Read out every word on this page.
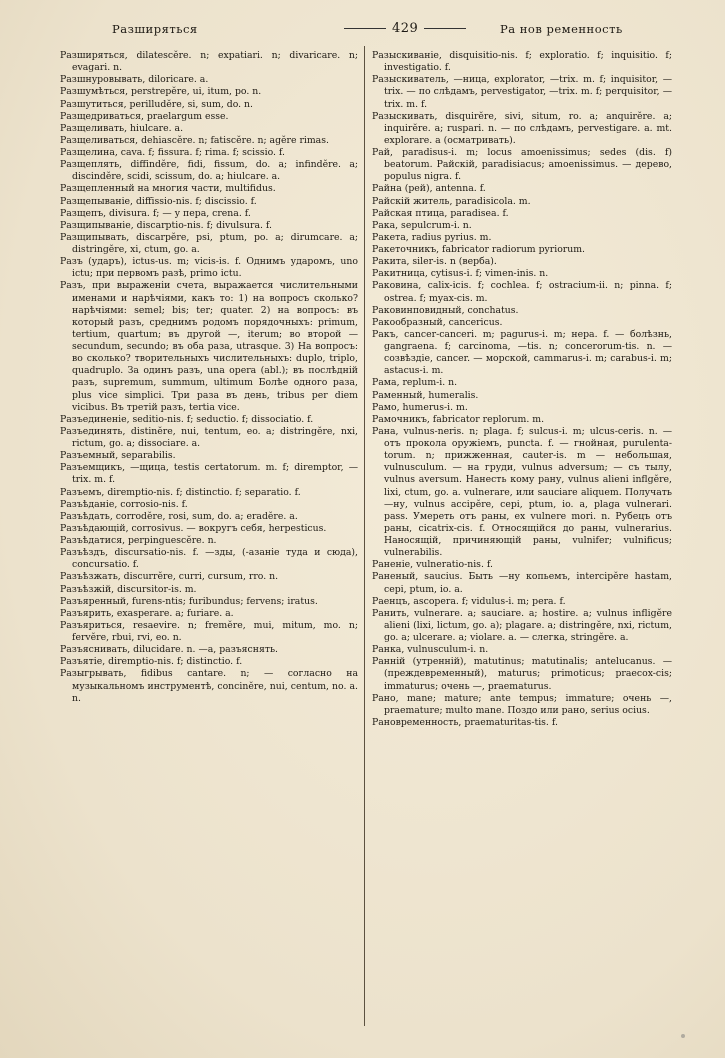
Разширяться	429	Ра нов ременность

Разширяться, dilatescĕre. n; expatiari. n; divaricare. n; evagari. n.

Разшнуровывать, diloricare. a.

Разшумѣться, perstrepĕre, ui, itum, po. n.

Разшутиться, perillu​dĕre, si, sum, do. n.

Разщедриваться, praelargum esse.

Разщеливать, hiulcare. a.

Разщеливаться, dehiascĕre. n; fatiscĕre. n; agĕre rimas.

Разщелина, cava. f; fissura. f; rima. f; scissio. f.

Разщеплять, diffindĕre, fidi, fissum, do. a; infindĕre. a; discindĕre, scidi, scissum, do. a; hiulcare. a.

Разщепленный на многия части, multifidus.

Разщепываніе, diffissio-nis. f; discissio. f.

Разщепъ, divisura. f; — у пера, crena. f.

Разщипываніе, discarptio-nis. f; divulsura. f.

Разщипывать, discarpĕre, psi, ptum, po. a; dirumcare. a; distringĕre, xi, ctum, go. a.

Разъ (ударъ), ictus-us. m; vicis-is. f. Однимъ ударомъ, uno ictu; при первомъ разѣ, primo ictu.

Разъ, при выраженіи счета, выражается числительными именами и нарѣчіями, какъ то: 1) на вопросъ сколько? нарѣчіями: semel; bis; ter; quater. 2) на вопросъ: въ который разъ, среднимъ родомъ порядочныхъ: primum, tertium, quartum; въ другой —, iterum; во второй — secundum, secundo; въ оба раза, utrasque. 3) На вопросъ: во сколько? творительныхъ числительныхъ: duplo, triplo, quadruplo. За одинъ разъ, una opera (abl.); въ послѣдній разъ, supremum, summum, ultimum Болѣе одного раза, plus vice simplici. Три раза въ день, tribus per diem vicibus. Въ третій разъ, tertia vice.

Разъединеніе, seditio-nis. f; seductio. f; dissociatio. f.

Разъединять, distinĕre, nui, tentum, eo. a; distringĕre, nxi, rictum, go. a; dissociare. a.

Разъемный, separabilis.

Разъемщикъ, —щица, testis certatorum. m. f; diremptor, —trix. m. f.

Разъемъ, diremptio-nis. f; distinctio. f; separatio. f.

Разъѣданіе, corrosio-nis. f.

Разъѣдать, corrodĕre, rosi, sum, do. a; eradĕre. a.

Разъѣдающій, corrosivus. — вокругъ себя, herpesticus.

Разъѣдатися, perpinguescĕre. n.

Разъѣздъ, discursatio-nis. f. —зды, (-азаніе туда и сюда), concursatio. f.

Разъѣзжать, discurrĕre, curri, cursum, rro. n.

Разъѣзжій, discursitor-is. m.

Разъяренный, furens-ntis; furibundus; fervens; iratus.

Разъярить, exasperare. a; furiare. a.

Разъяриться, resaevire. n; fremĕre, mui, mitum, mo. n; fervĕre, rbui, rvi, eo. n.

Разъяснивать, dilucidare. n. —a, разъяснять.

Разъятіе, diremptio-nis. f; distinctio. f.

Разыгрывать, fidibus cantare. n; — согласно на музыкальномъ инструментѣ, concinĕre, nui, centum, no. a. n.

Разыскиваніе, disquisitio-nis. f; exploratio. f; inquisitio. f; investigatio. f.

Разыскиватель, —ница, explorator, —trix. m. f; inquisitor, —trix. — по слѣдамъ, pervestigator, —trix. m. f; perquisitor, —trix. m. f.

Разыскивать, disquirĕre, sivi, situm, ro. a; anquirĕre. a; inquirĕre. a; ruspari. n. — по слѣдамъ, pervestigare. a. mt. explorare. a (осматривать).

Рай, paradisus-i. m; locus amoenissimus; sedes (dis. f) beatorum. Райскій, paradisiacus; amoenissimus. — дерево, populus nigra. f.

Райна (рей), antenna. f.

Райскій житель, paradisicola. m.

Райская птица, paradisea. f.

Рака, sepulcrum-i. n.

Ракета, radius pyrius. m.

Ракеточникъ, fabricator radiorum pyriorum.

Ракита, siler-is. n (верба).

Ракитница, cytisus-i. f; vimen-inis. n.

Раковина, calix-icis. f; cochlea. f; ostracium-ii. n; pinna. f; ostrea. f; myax-cis. m.

Раковинповидный, conchatus.

Ракообразный, cancericus.

Ракъ, cancer-canceri. m; pagurus-i. m; нера. f. — болѣзнь, gangraena. f; carcinoma, —tis. n; concerorum-tis. n. — созвѣздіе, cancer. — морской, cammarus-i. m; carabus-i. m; astacus-i. m.

Рама, replum-i. n.

Раменный, humeralis.

Рамо, humerus-i. m.

Рамочникъ, fabricator replorum. m.

Рана, vulnus-neris. n; plaga. f; sulcus-i. m; ulcus-ceris. n. — отъ прокола оружіемъ, puncta. f. — гнойная, purulenta-torum. n; прижженная, cauter-is. m — небольшая, vulnusculum. — на груди, vulnus adversum; — съ тылу, vulnus aversum. Нанесть кому рану, vulnus alieni inflgĕre, lixi, ctum, go. a. vulnerare, или sauciare aliquem. Получать —ну, vulnus accipĕre, cepi, ptum, io. a, plaga vulnerari. pass. Умереть отъ раны, ex vulnere mori. n. Рубецъ отъ раны, cicatrix-cis. f. Относящійся до раны, vulnerarius. Наносящій, причиняющій раны, vulnifer; vulnificus; vulnerabilis.

Раненіе, vulneratio-nis. f.

Раненый, saucius. Быть —ну копьемъ, intercipĕre hastam, cepi, ptum, io. a.

Раенцъ, ascopera. f; vidulus-i. m; pera. f.

Ранить, vulnerare. a; sauciare. a; hostire. a; vulnus infligĕre alieni (lixi, lictum, go. a); plagare. a; distringĕre, nxi, rictum, go. a; ulcerare. a; violare. a. — слегка, stringĕre. a.

Ранка, vulnusculum-i. n.

Ранній (утренній), matutinus; matutinalis; antelucanus. —(преждевременный), maturus; primoticus; praecox-cis; immaturus; очень —, praematurus.

Рано, mane; mature; ante tempus; immature; очень —, praemature; multo mane. Поздо или рано, serius ocius.

Рановременность, praematuritas-tis. f.
